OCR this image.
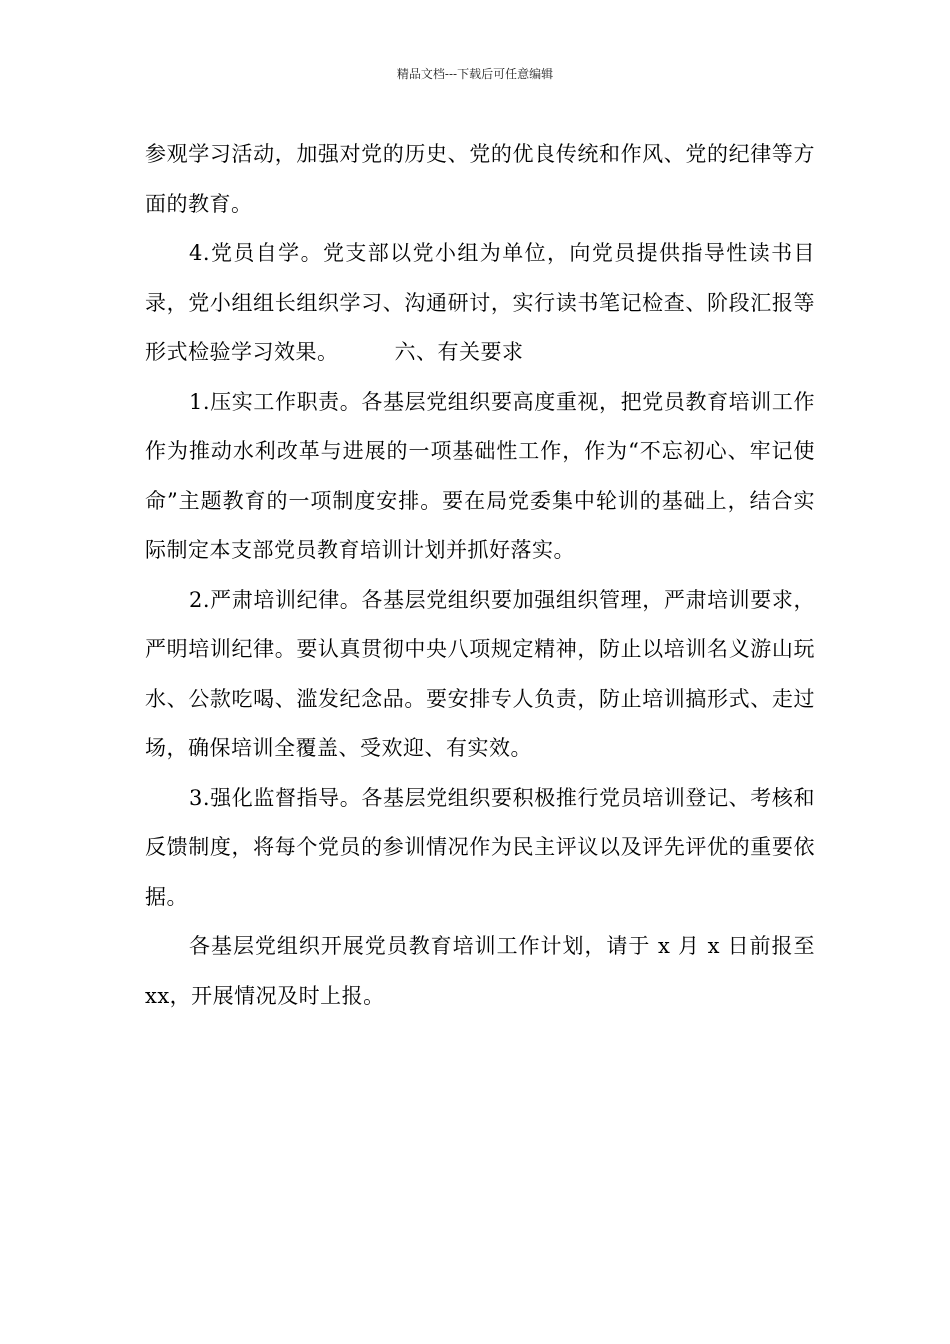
精品文档---下载后可任意编辑

参观学习活动，加强对党的历史、党的优良传统和作风、党的纪律等方面的教育。

4.党员自学。党支部以党小组为单位，向党员提供指导性读书目录，党小组组长组织学习、沟通研讨，实行读书笔记检查、阶段汇报等形式检验学习效果。	六、有关要求

1.压实工作职责。各基层党组织要高度重视，把党员教育培训工作作为推动水利改革与进展的一项基础性工作，作为“不忘初心、牢记使命”主题教育的一项制度安排。要在局党委集中轮训的基础上，结合实际制定本支部党员教育培训计划并抓好落实。

2.严肃培训纪律。各基层党组织要加强组织管理，严肃培训要求，严明培训纪律。要认真贯彻中央八项规定精神，防止以培训名义游山玩水、公款吃喝、滥发纪念品。要安排专人负责，防止培训搞形式、走过场，确保培训全覆盖、受欢迎、有实效。

3.强化监督指导。各基层党组织要积极推行党员培训登记、考核和反馈制度，将每个党员的参训情况作为民主评议以及评先评优的重要依据。

各基层党组织开展党员教育培训工作计划，请于 x 月 x 日前报至 xx，开展情况及时上报。
